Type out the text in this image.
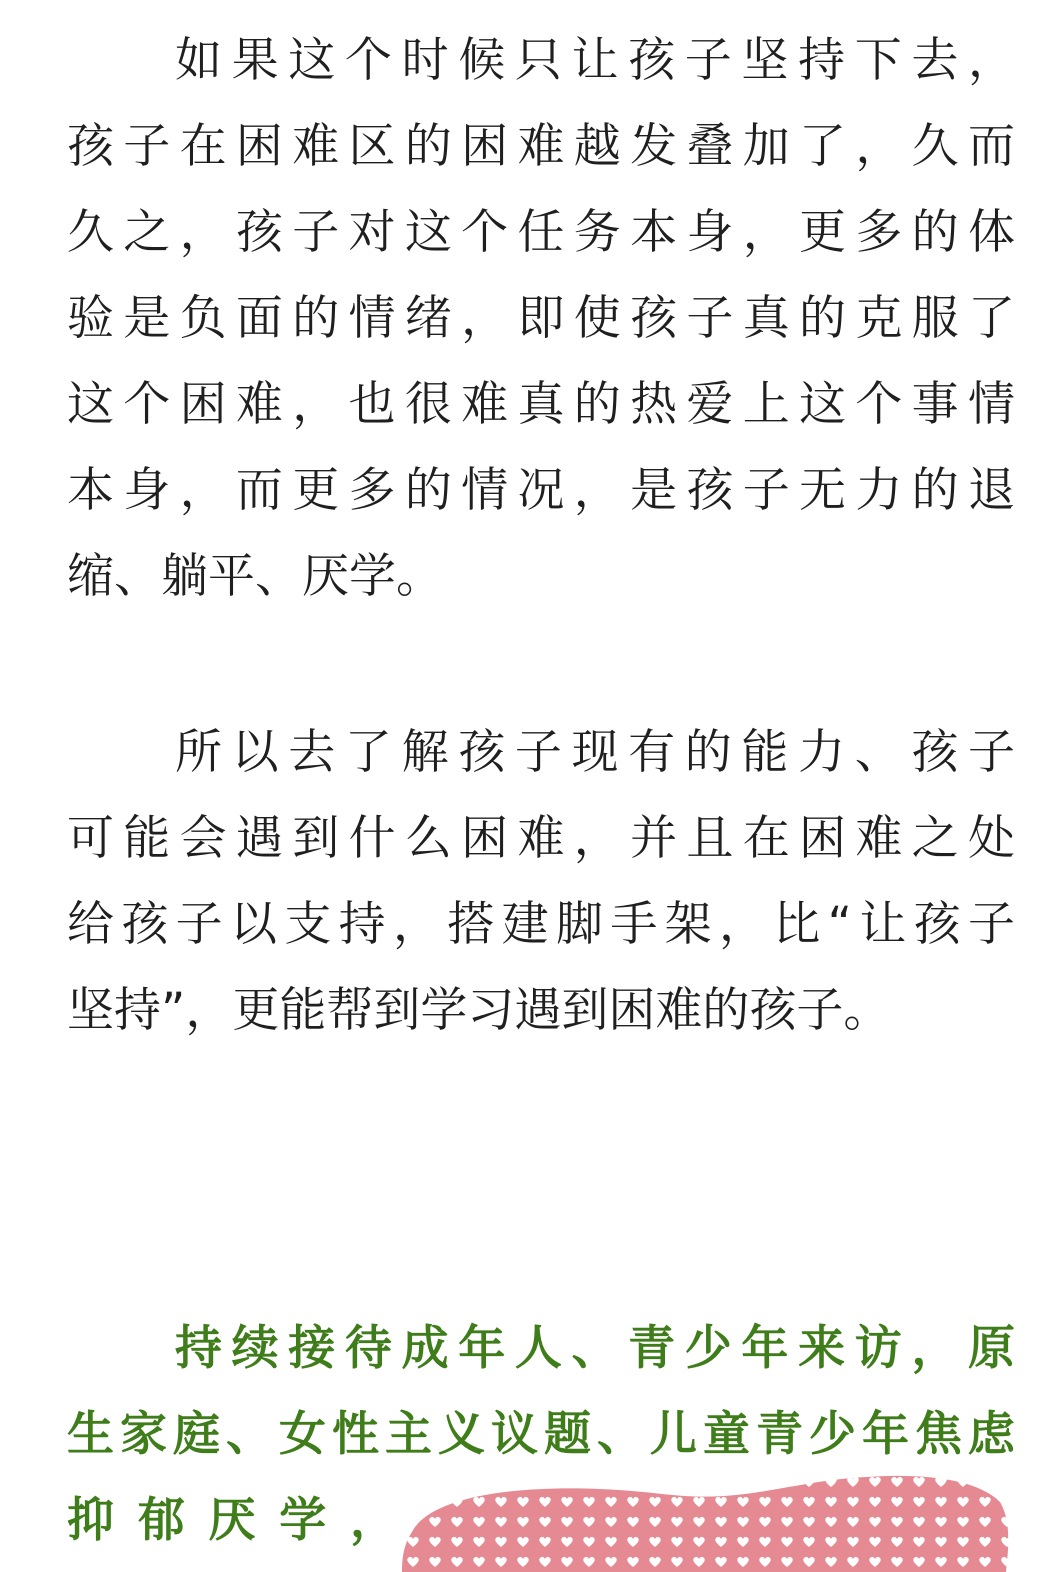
如果这个时候只让孩子坚持下去，
孩子在困难区的困难越发叠加了，久而
久之，孩子对这个任务本身，更多的体
验是负面的情绪，即使孩子真的克服了
这个困难，也很难真的热爱上这个事情
本身，而更多的情况，是孩子无力的退
缩、躺平、厌学。
所以去了解孩子现有的能力、孩子
可能会遇到什么困难，并且在困难之处
给孩子以支持，搭建脚手架，比“让孩子
坚持”，更能帮到学习遇到困难的孩子。
持续接待成年人、青少年来访，原
生家庭、女性主义议题、儿童青少年焦虑
抑 郁 厌 学 ，
